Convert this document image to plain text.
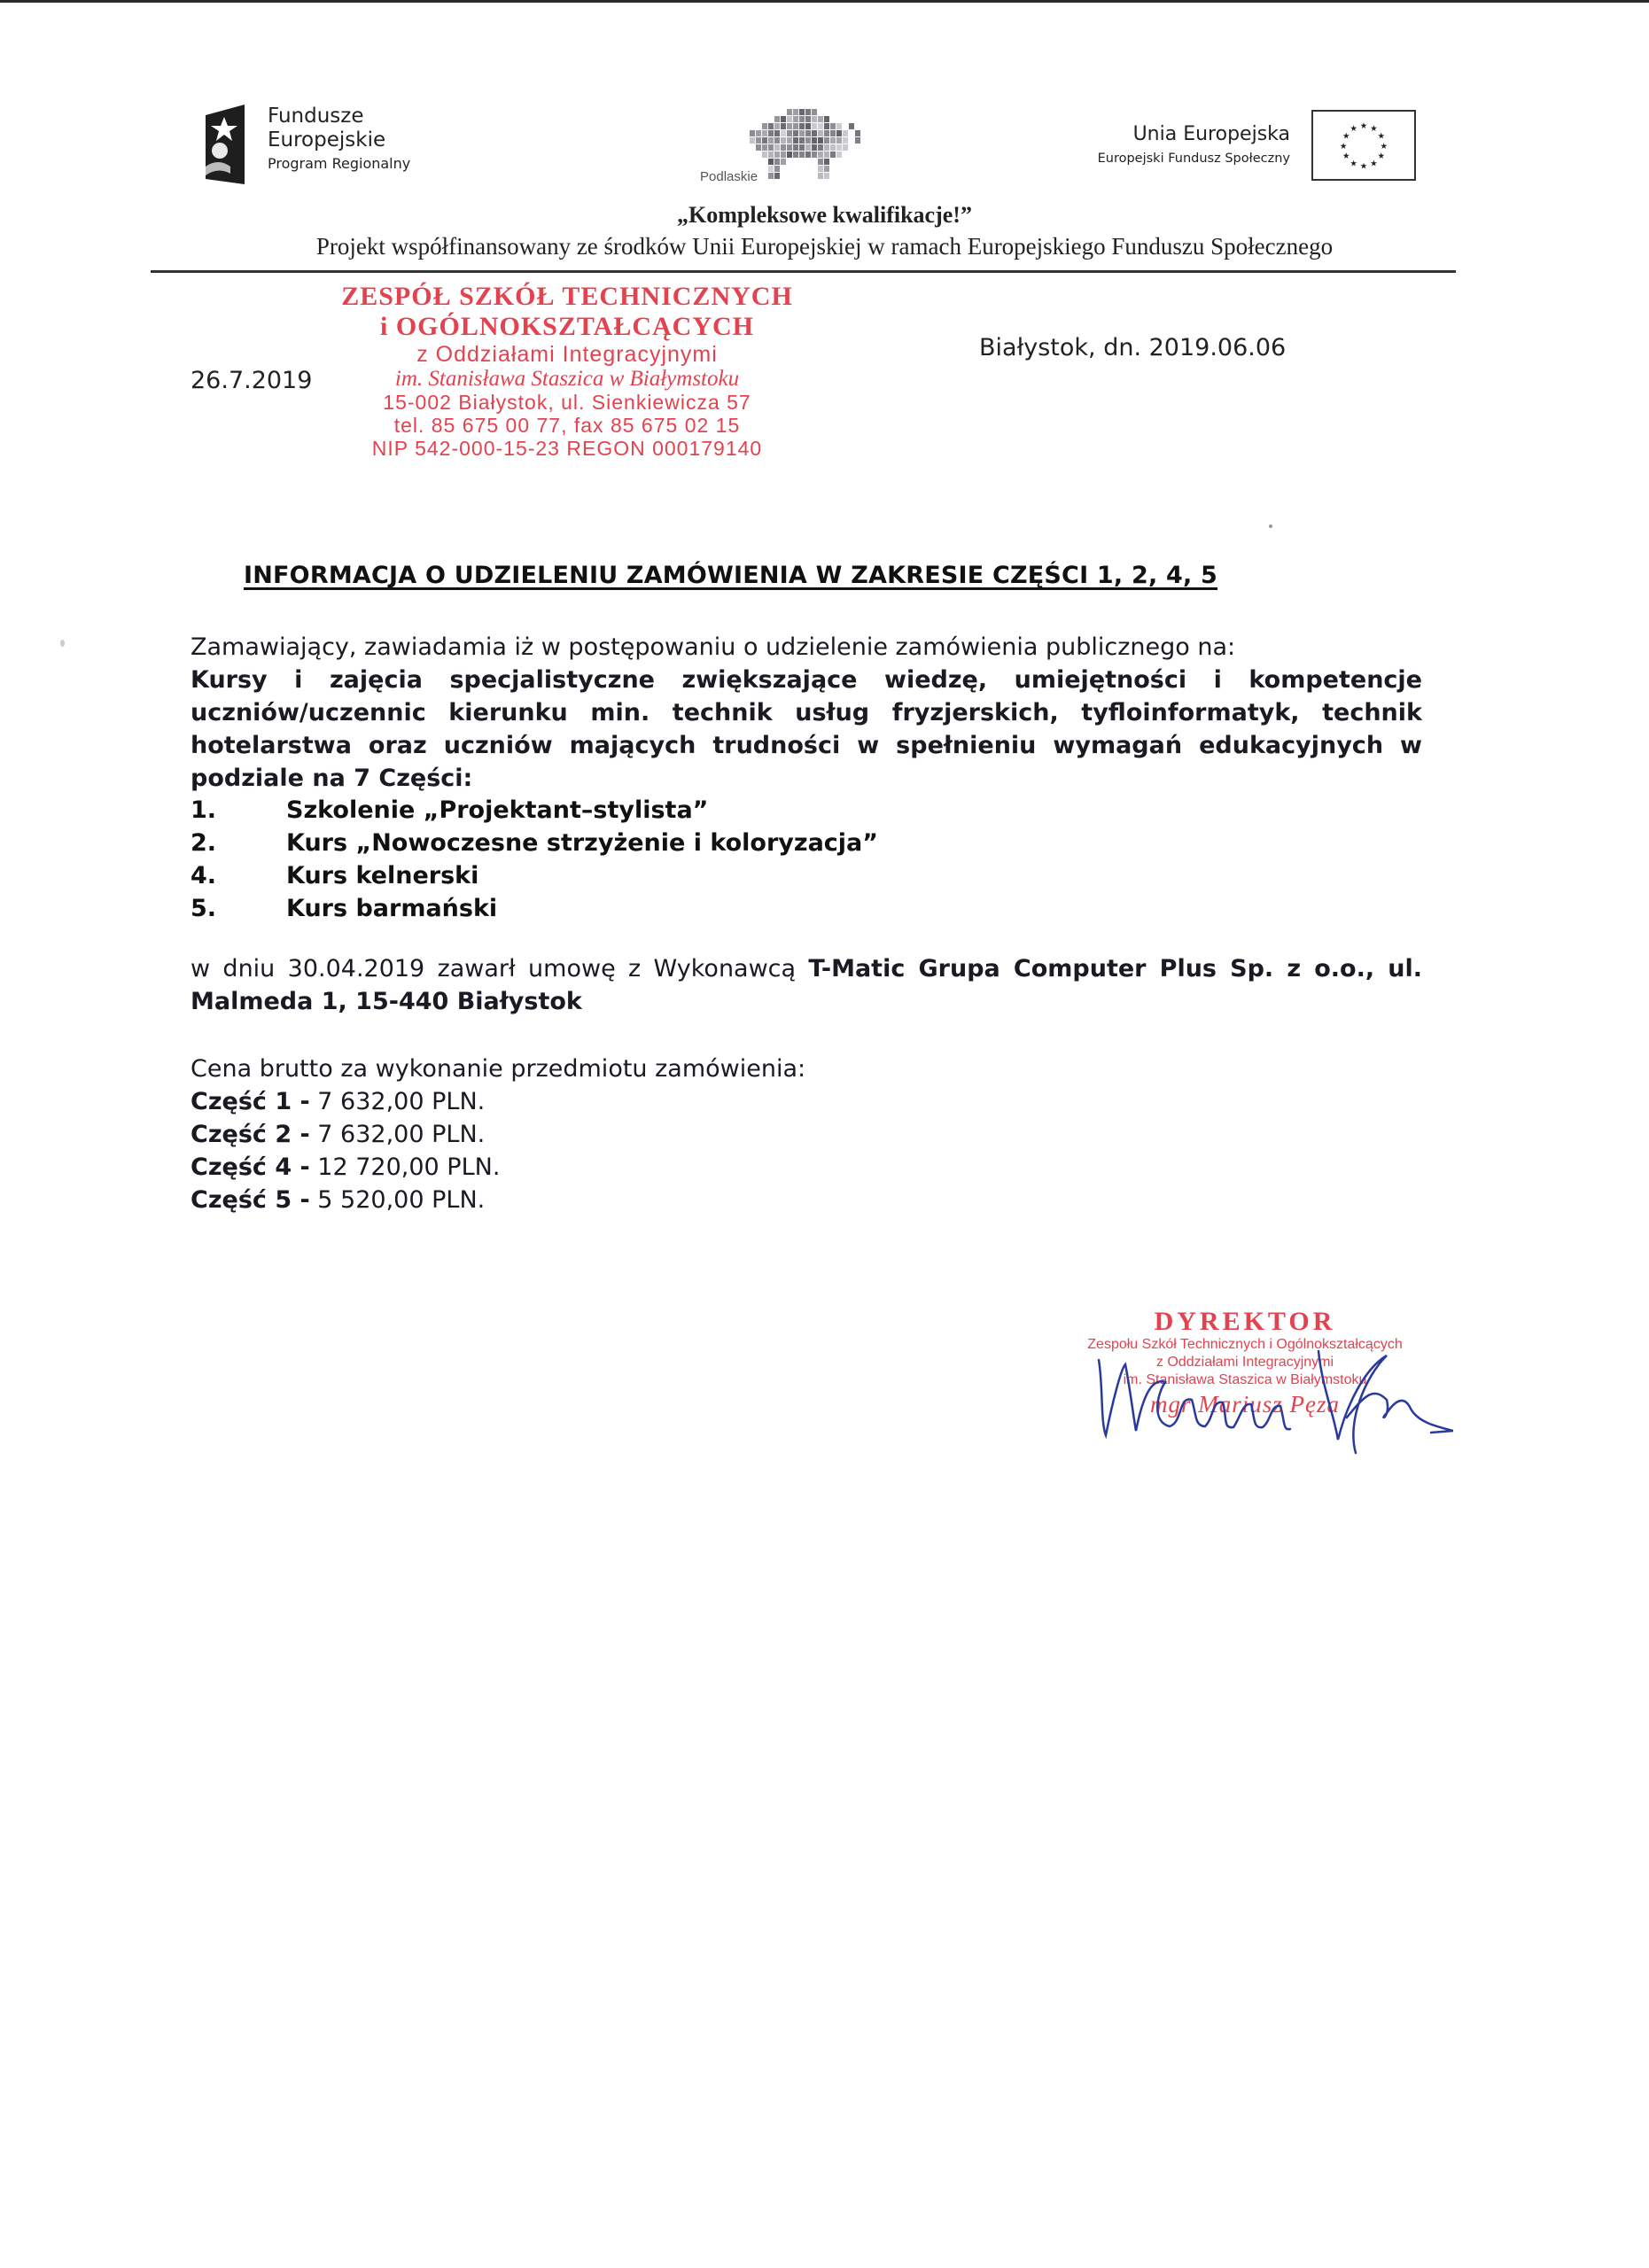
Fundusze
Europejskie
Program Regionalny
Podlaskie
Unia Europejska
Europejski Fundusz Społeczny
★ ★
★
★
★
★
★
★
★
★
★
★
„Kompleksowe kwalifikacje!”
Projekt współfinansowany ze środków Unii Europejskiej w ramach Europejskiego Funduszu Społecznego
ZESPÓŁ SZKÓŁ TECHNICZNYCH
i OGÓLNOKSZTAŁCĄCYCH
z Oddziałami Integracyjnymi
im. Stanisława Staszica w Białymstoku
15-002 Białystok, ul. Sienkiewicza 57
tel. 85 675 00 77, fax 85 675 02 15
NIP 542-000-15-23 REGON 000179140
26.7.2019
Białystok, dn. 2019.06.06
INFORMACJA O UDZIELENIU ZAMÓWIENIA W ZAKRESIE CZĘŚCI 1, 2, 4, 5
Zamawiający, zawiadamia iż w postępowaniu o udzielenie zamówienia publicznego na:
Kursy i zajęcia specjalistyczne zwiększające wiedzę, umiejętności i kompetencje uczniów/uczennic kierunku min. technik usług fryzjerskich, tyfloinformatyk, technik hotelarstwa oraz uczniów mających trudności w spełnieniu wymagań edukacyjnych w podziale na 7 Części:
1.	Szkolenie „Projektant–stylista”
2.	Kurs „Nowoczesne strzyżenie i koloryzacja”
4.	Kurs kelnerski
5.	Kurs barmański
w dniu 30.04.2019 zawarł umowę z Wykonawcą T-Matic Grupa Computer Plus Sp. z o.o., ul. Malmeda 1, 15-440 Białystok
Cena brutto za wykonanie przedmiotu zamówienia:
Część 1 - 7 632,00 PLN.
Część 2 - 7 632,00 PLN.
Część 4 - 12 720,00 PLN.
Część 5 - 5 520,00 PLN.
DYREKTOR
Zespołu Szkół Technicznych i Ogólnokształcących
z Oddziałami Integracyjnymi
im. Stanisława Staszica w Białymstoku
mgr Mariusz Pęza
